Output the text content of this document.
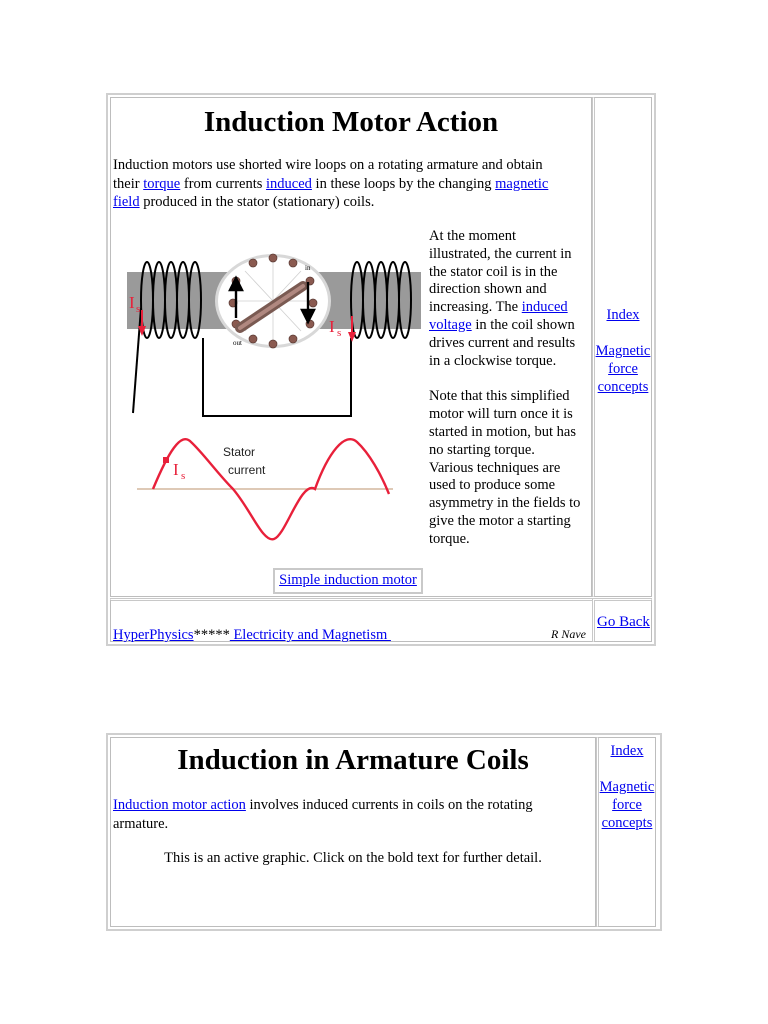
Induction Motor Action
Induction motors use shorted wire loops on a rotating armature and obtain their torque from currents induced in these loops by the changing magnetic field produced in the stator (stationary) coils.
in
out
I s
I s
I s
Stator
current

At the moment illustrated, the current in the stator coil is in the direction shown and increasing. The induced voltage in the coil shown drives current and results in a clockwise torque.

Note that this simplified motor will turn once it is started in motion, but has no starting torque. Various techniques are used to produce some asymmetry in the fields to give the motor a starting torque.

Simple induction motor
Index
Magnetic
force
concepts
HyperPhysics***** Electricity and Magnetism	R Nave
Go Back
Induction in Armature Coils
Induction motor action involves induced currents in coils on the rotating armature.
This is an active graphic. Click on the bold text for further detail.
Index
Magnetic
force
concepts
